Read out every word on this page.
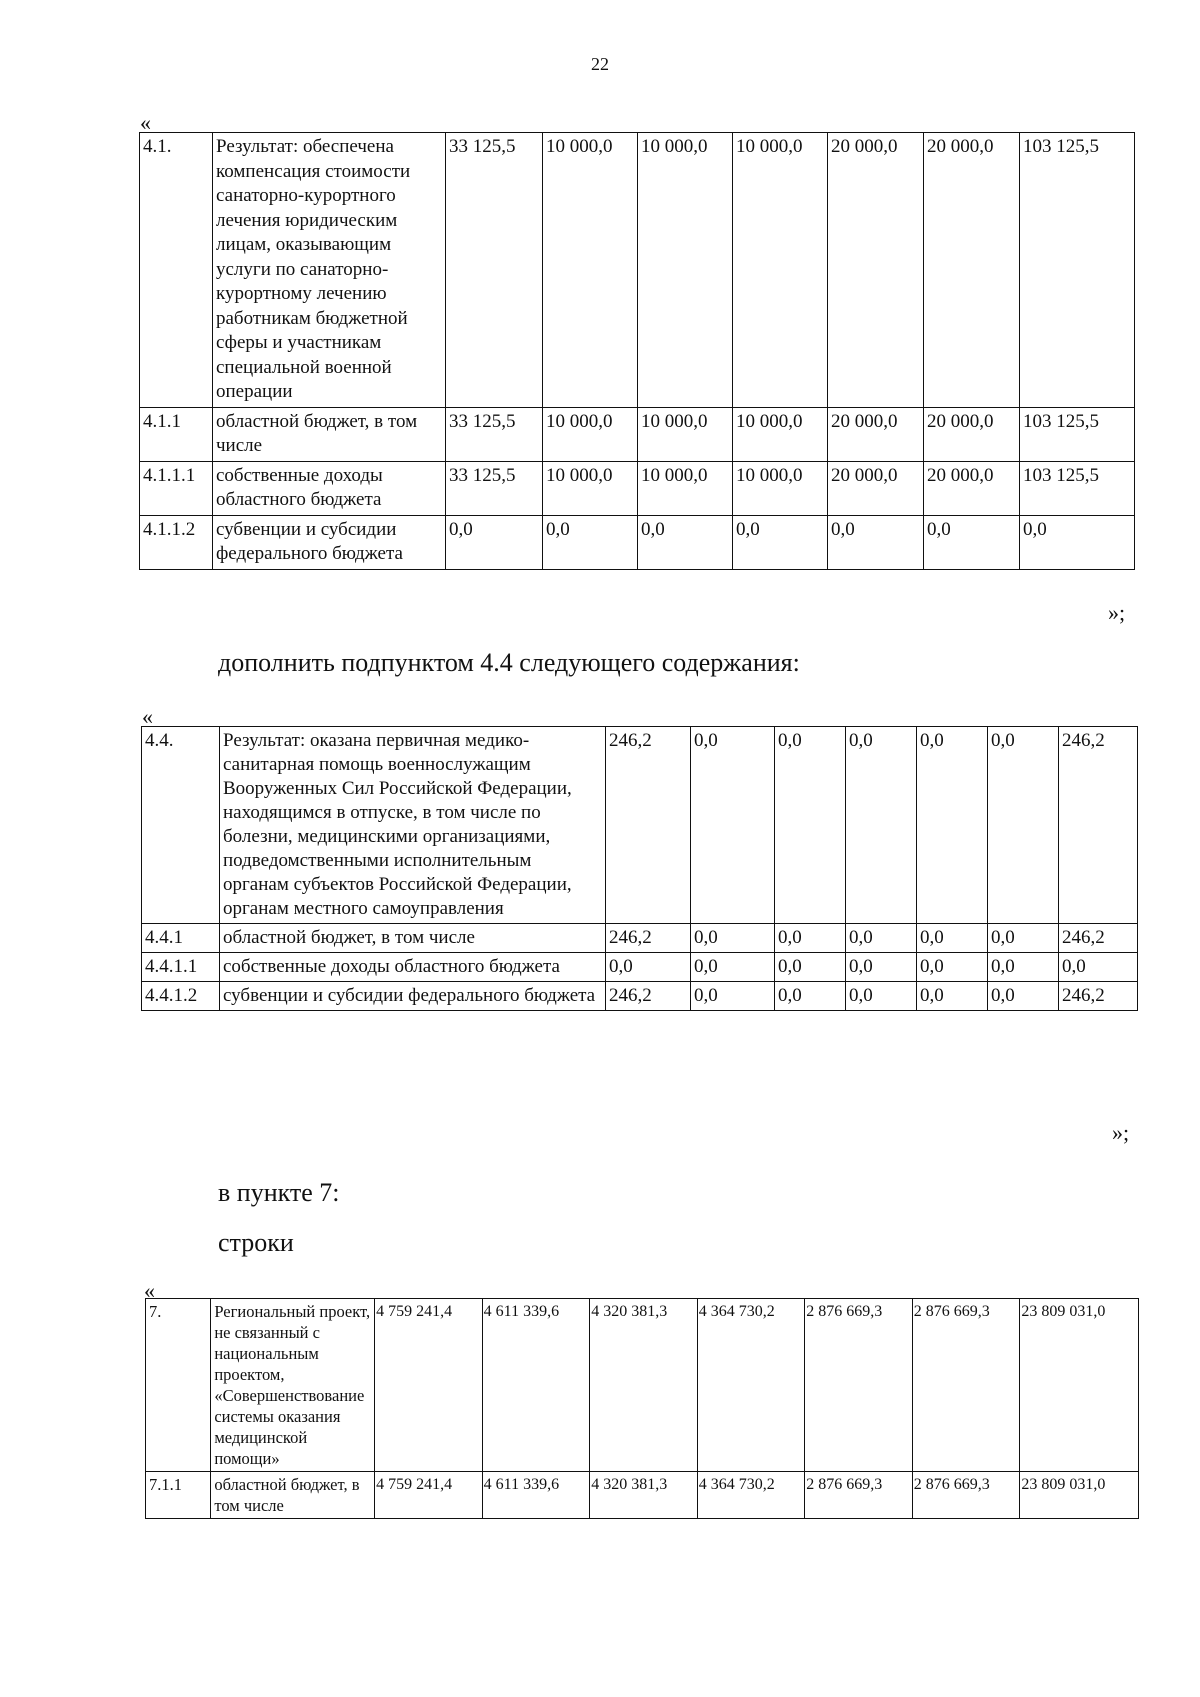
22
«
4.1.	Результат: обеспечена компенсация стоимости санаторно-курортного лечения юридическим лицам, оказывающим услуги по санаторно-курортному лечению работникам бюджетной сферы и участникам специальной военной операции	33 125,5	10 000,0	10 000,0	10 000,0	20 000,0	20 000,0	103 125,5
4.1.1	областной бюджет, в том числе	33 125,5	10 000,0	10 000,0	10 000,0	20 000,0	20 000,0	103 125,5
4.1.1.1	собственные доходы областного бюджета	33 125,5	10 000,0	10 000,0	10 000,0	20 000,0	20 000,0	103 125,5
4.1.1.2	субвенции и субсидии федерального бюджета	0,0	0,0	0,0	0,0	0,0	0,0	0,0
»;
дополнить подпунктом 4.4 следующего содержания:
«
4.4.	Результат: оказана первичная медико-санитарная помощь военнослужащим Вооруженных Сил Российской Федерации, находящимся в отпуске, в том числе по болезни, медицинскими организациями, подведомственными исполнительным органам субъектов Российской Федерации, органам местного самоуправления	246,2	0,0	0,0	0,0	0,0	0,0	246,2
4.4.1	областной бюджет, в том числе	246,2	0,0	0,0	0,0	0,0	0,0	246,2
4.4.1.1	собственные доходы областного бюджета	0,0	0,0	0,0	0,0	0,0	0,0	0,0
4.4.1.2	субвенции и субсидии федерального бюджета	246,2	0,0	0,0	0,0	0,0	0,0	246,2
»;
в пункте 7:
строки
«
7.	Региональный проект, не связанный с национальным проектом, «Совершенствование системы оказания медицинской помощи»	4 759 241,4	4 611 339,6	4 320 381,3	4 364 730,2	2 876 669,3	2 876 669,3	23 809 031,0
7.1.1	областной бюджет, в том числе	4 759 241,4	4 611 339,6	4 320 381,3	4 364 730,2	2 876 669,3	2 876 669,3	23 809 031,0
